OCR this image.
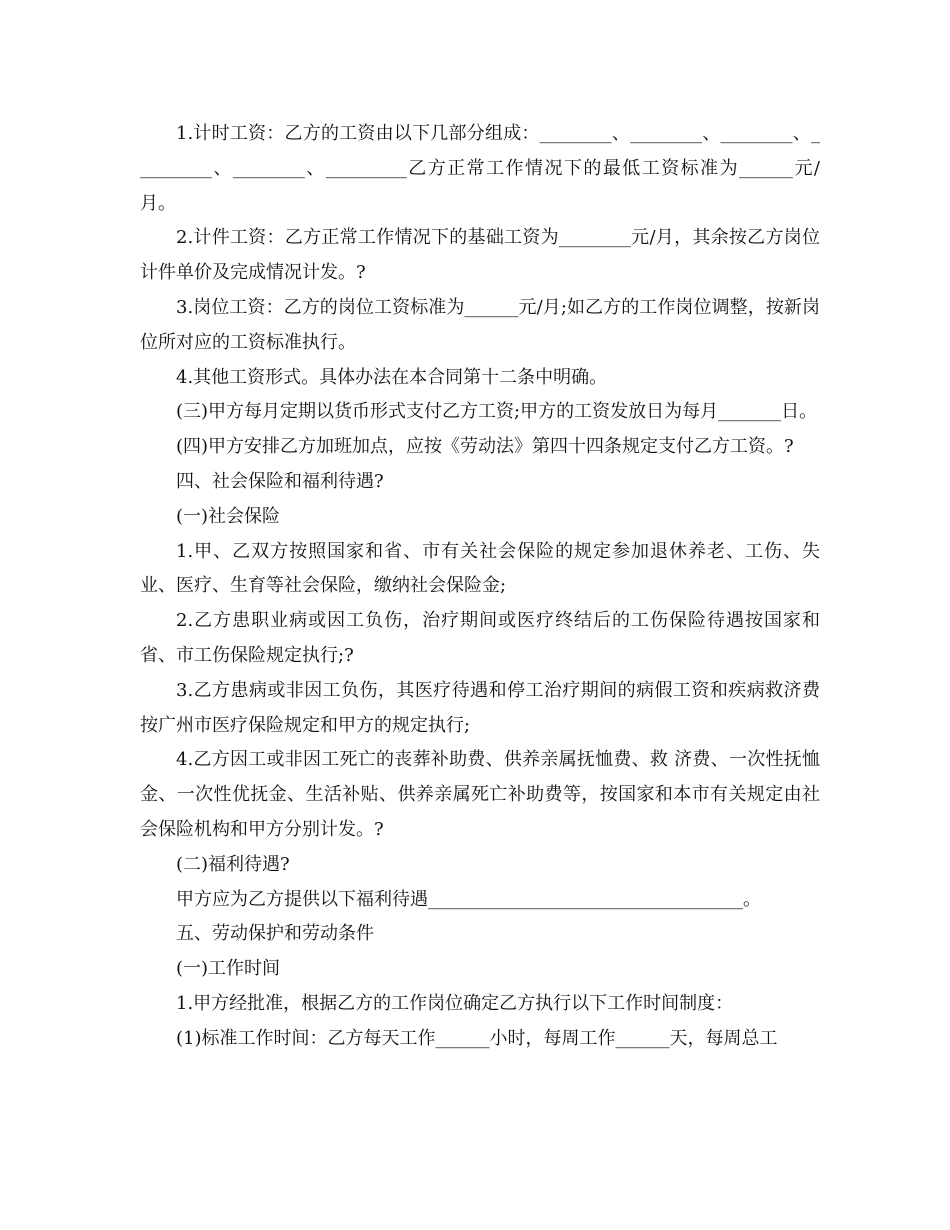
1.计时工资：乙方的工资由以下几部分组成：________、________、________、_________、________、_________乙方正常工作情况下的最低工资标准为______元/月。

2.计件工资：乙方正常工作情况下的基础工资为________元/月，其余按乙方岗位计件单价及完成情况计发。?

3.岗位工资：乙方的岗位工资标准为______元/月;如乙方的工作岗位调整，按新岗位所对应的工资标准执行。

4.其他工资形式。具体办法在本合同第十二条中明确。

(三)甲方每月定期以货币形式支付乙方工资;甲方的工资发放日为每月_______日。

(四)甲方安排乙方加班加点，应按《劳动法》第四十四条规定支付乙方工资。?

四、社会保险和福利待遇?

(一)社会保险

1.甲、乙双方按照国家和省、市有关社会保险的规定参加退休养老、工伤、失业、医疗、生育等社会保险，缴纳社会保险金;

2.乙方患职业病或因工负伤，治疗期间或医疗终结后的工伤保险待遇按国家和省、市工伤保险规定执行;?

3.乙方患病或非因工负伤，其医疗待遇和停工治疗期间的病假工资和疾病救济费按广州市医疗保险规定和甲方的规定执行;

4.乙方因工或非因工死亡的丧葬补助费、供养亲属抚恤费、救 济费、一次性抚恤金、一次性优抚金、生活补贴、供养亲属死亡补助费等，按国家和本市有关规定由社会保险机构和甲方分别计发。?

(二)福利待遇?

甲方应为乙方提供以下福利待遇___________________________________。

五、劳动保护和劳动条件

(一)工作时间

1.甲方经批准，根据乙方的工作岗位确定乙方执行以下工作时间制度：

(1)标准工作时间：乙方每天工作______小时，每周工作______天，每周总工
